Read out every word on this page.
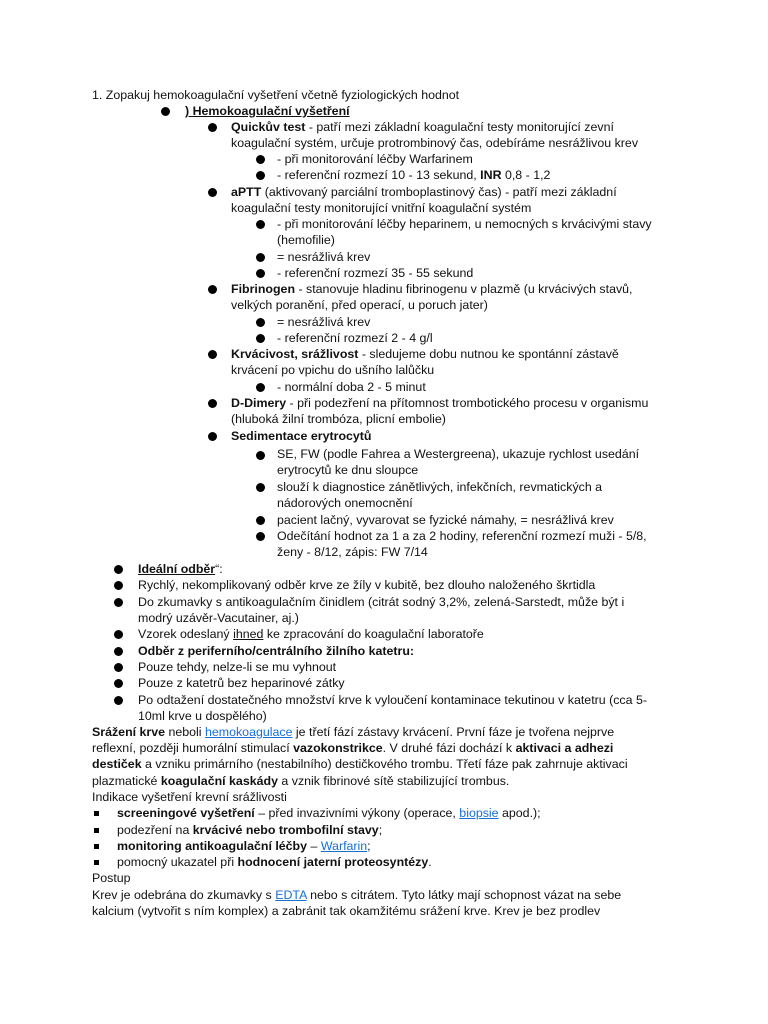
1. Zopakuj hemokoagulační vyšetření včetně fyziologických hodnot
) Hemokoagulační vyšetření
Quickův test - patří mezi základní koagulační testy monitorující zevní
koagulační systém, určuje protrombinový čas, odebíráme nesrážlivou krev
- při monitorování léčby Warfarinem
- referenční rozmezí 10 - 13 sekund, INR 0,8 - 1,2
aPTT (aktivovaný parciální tromboplastinový čas) - patří mezi základní
koagulační testy monitorující vnitřní koagulační systém
- při monitorování léčby heparinem, u nemocných s krvácivými stavy
(hemofilie)
= nesrážlivá krev
- referenční rozmezí 35 - 55 sekund
Fibrinogen - stanovuje hladinu fibrinogenu v plazmě (u krvácivých stavů,
velkých poranění, před operací, u poruch jater)
= nesrážlivá krev
- referenční rozmezí 2 - 4 g/l
Krvácivost, srážlivost - sledujeme dobu nutnou ke spontánní zástavě
krvácení po vpichu do ušního lalůčku
- normální doba 2 - 5 minut
D-Dimery - při podezření na přítomnost trombotického procesu v organismu
(hluboká žilní trombóza, plicní embolie)
Sedimentace erytrocytů
SE, FW (podle Fahrea a Westergreena), ukazuje rychlost usedání
erytrocytů ke dnu sloupce
slouží k diagnostice zánětlivých, infekčních, revmatických a
nádorových onemocnění
pacient lačný, vyvarovat se fyzické námahy, = nesrážlivá krev
Odečítání hodnot za 1 a za 2 hodiny, referenční rozmezí muži - 5/8,
ženy - 8/12, zápis: FW 7/14
Ideální odběr“:
Rychlý, nekomplikovaný odběr krve ze žíly v kubitě, bez dlouho naloženého škrtidla
Do zkumavky s antikoagulačním činidlem (citrát sodný 3,2%, zelená-Sarstedt, může být i
modrý uzávěr-Vacutainer, aj.)
Vzorek odeslaný ihned ke zpracování do koagulační laboratoře
Odběr z periferního/centrálního žilního katetru:
Pouze tehdy, nelze-li se mu vyhnout
Pouze z katetrů bez heparinové zátky
Po odtažení dostatečného množství krve k vyloučení kontaminace tekutinou v katetru (cca 5-
10ml krve u dospělého)
Srážení krve neboli hemokoagulace je třetí fází zástavy krvácení. První fáze je tvořena nejprve
reflexní, později humorální stimulací vazokonstrikce. V druhé fázi dochází k aktivaci a adhezi
destiček a vzniku primárního (nestabilního) destičkového trombu. Třetí fáze pak zahrnuje aktivaci
plazmatické koagulační kaskády a vznik fibrinové sítě stabilizující trombus.
Indikace vyšetření krevní srážlivosti
screeningové vyšetření – před invazivními výkony (operace, biopsie apod.);
podezření na krvácivé nebo trombofilní stavy;
monitoring antikoagulační léčby – Warfarin;
pomocný ukazatel při hodnocení jaterní proteosyntézy.
Postup
Krev je odebrána do zkumavky s EDTA nebo s citrátem. Tyto látky mají schopnost vázat na sebe
kalcium (vytvořit s ním komplex) a zabránit tak okamžitému srážení krve. Krev je bez prodlev
